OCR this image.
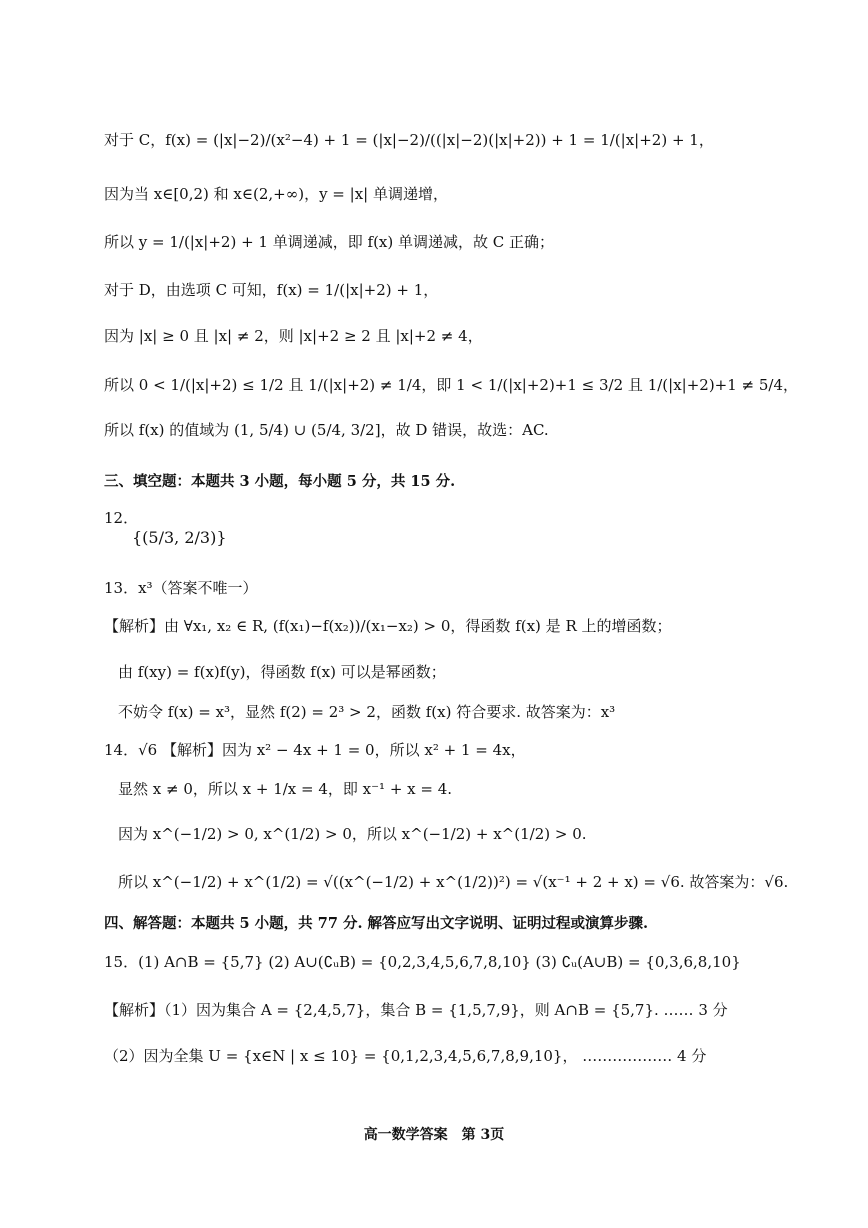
对于 C，f(x) = (|x|−2)/(x²−4) + 1 = (|x|−2)/((|x|−2)(|x|+2)) + 1 = 1/(|x|+2) + 1，
因为当 x∈[0,2) 和 x∈(2,+∞)，y = |x| 单调递增，
所以 y = 1/(|x|+2) + 1 单调递减，即 f(x) 单调递减，故 C 正确；
对于 D，由选项 C 可知，f(x) = 1/(|x|+2) + 1，
因为 |x| ≥ 0 且 |x| ≠ 2，则 |x|+2 ≥ 2 且 |x|+2 ≠ 4，
所以 0 < 1/(|x|+2) ≤ 1/2 且 1/(|x|+2) ≠ 1/4，即 1 < 1/(|x|+2)+1 ≤ 3/2 且 1/(|x|+2)+1 ≠ 5/4，
所以 f(x) 的值域为 (1, 5/4) ∪ (5/4, 3/2]，故 D 错误，故选：AC.
三、填空题：本题共 3 小题，每小题 5 分，共 15 分.
12．
{(5/3, 2/3)}
13．x³（答案不唯一）
【解析】由 ∀x₁, x₂ ∈ R, (f(x₁)−f(x₂))/(x₁−x₂) > 0，得函数 f(x) 是 R 上的增函数；
由 f(xy) = f(x)f(y)，得函数 f(x) 可以是幂函数；
不妨令 f(x) = x³，显然 f(2) = 2³ > 2，函数 f(x) 符合要求. 故答案为：x³
14．√6 【解析】因为 x² − 4x + 1 = 0，所以 x² + 1 = 4x，
显然 x ≠ 0，所以 x + 1/x = 4，即 x⁻¹ + x = 4.
因为 x^(−1/2) > 0, x^(1/2) > 0，所以 x^(−1/2) + x^(1/2) > 0.
所以 x^(−1/2) + x^(1/2) = √((x^(−1/2) + x^(1/2))²) = √(x⁻¹ + 2 + x) = √6. 故答案为：√6.
四、解答题：本题共 5 小题，共 77 分. 解答应写出文字说明、证明过程或演算步骤.
15．(1) A∩B = {5,7} (2) A∪(∁ᵤB) = {0,2,3,4,5,6,7,8,10} (3) ∁ᵤ(A∪B) = {0,3,6,8,10}
【解析】（1）因为集合 A = {2,4,5,7}，集合 B = {1,5,7,9}，则 A∩B = {5,7}. …… 3 分
（2）因为全集 U = {x∈N | x ≤ 10} = {0,1,2,3,4,5,6,7,8,9,10}， ……………… 4 分
高一数学答案　第 3页
